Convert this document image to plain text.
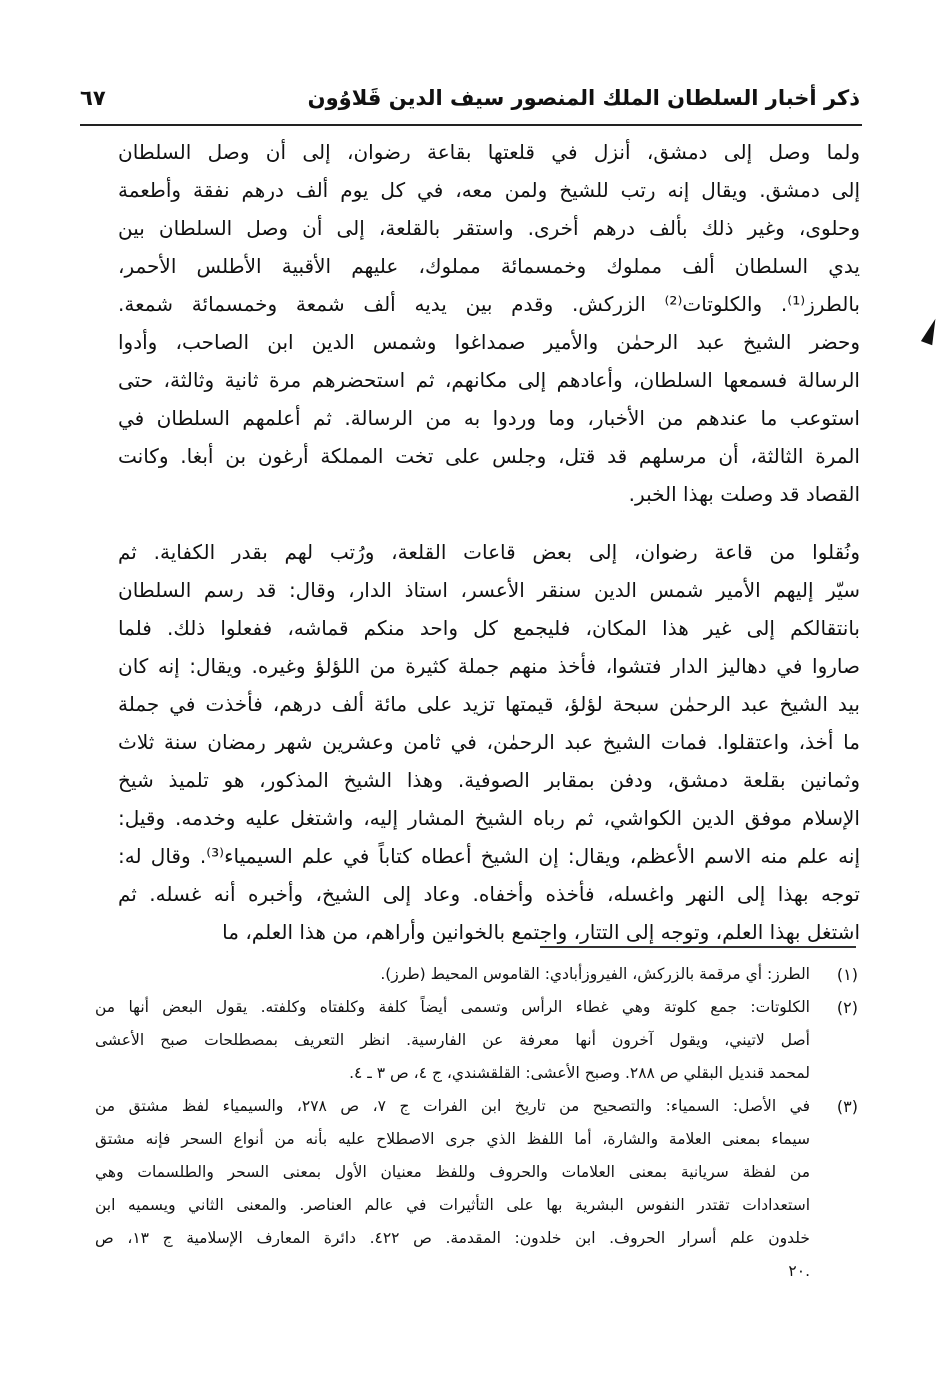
ذكر أخبار السلطان الملك المنصور سيف الدين قَلاوُون
٦٧
ولما وصل إلى دمشق، أنزل في قلعتها بقاعة رضوان، إلى أن وصل السلطان
إلى دمشق. ويقال إنه رتب للشيخ ولمن معه، في كل يوم ألف درهم نفقة وأطعمة
وحلوى، وغير ذلك بألف درهم أخرى. واستقر بالقلعة، إلى أن وصل السلطان بين
يدي السلطان ألف مملوك وخمسمائة مملوك، عليهم الأقبية الأطلس الأحمر،
بالطرز⁽¹⁾. والكلوتات⁽²⁾ الزركش. وقدم بين يديه ألف شمعة وخمسمائة شمعة.
وحضر الشيخ عبد الرحمٰن والأمير صمداغوا وشمس الدين ابن الصاحب، وأدوا
الرسالة فسمعها السلطان، وأعادهم إلى مكانهم، ثم استحضرهم مرة ثانية وثالثة، حتى
استوعب ما عندهم من الأخبار، وما وردوا به من الرسالة. ثم أعلمهم السلطان في
المرة الثالثة، أن مرسلهم قد قتل، وجلس على تخت المملكة أرغون بن أبغا. وكانت
القصاد قد وصلت بهذا الخبر.
ونُقلوا من قاعة رضوان، إلى بعض قاعات القلعة، ورُتب لهم بقدر الكفاية. ثم
سيّر إليهم الأمير شمس الدين سنقر الأعسر، استاذ الدار، وقال: قد رسم السلطان
بانتقالكم إلى غير هذا المكان، فليجمع كل واحد منكم قماشه، ففعلوا ذلك. فلما
صاروا في دهاليز الدار فتشوا، فأخذ منهم جملة كثيرة من اللؤلؤ وغيره. ويقال: إنه كان
بيد الشيخ عبد الرحمٰن سبحة لؤلؤ، قيمتها تزيد على مائة ألف درهم، فأخذت في جملة
ما أخذ، واعتقلوا. فمات الشيخ عبد الرحمٰن، في ثامن وعشرين شهر رمضان سنة ثلاث
وثمانين بقلعة دمشق، ودفن بمقابر الصوفية. وهذا الشيخ المذكور، هو تلميذ شيخ
الإسلام موفق الدين الكواشي، ثم رباه الشيخ المشار إليه، واشتغل عليه وخدمه. وقيل:
إنه علم منه الاسم الأعظم، ويقال: إن الشيخ أعطاه كتاباً في علم السيمياء⁽³⁾. وقال له:
توجه بهذا إلى النهر واغسله، فأخذه وأخفاه. وعاد إلى الشيخ، وأخبره أنه غسله. ثم
اشتغل بهذا العلم، وتوجه إلى التتار، واجتمع بالخوانين وأراهم، من هذا العلم، ما
(١)
الطرز: أي مرقمة بالزركش، الفيروزأبادي: القاموس المحيط (طرز).
(٢)
الكلوتات: جمع كلوتة وهي غطاء الرأس وتسمى أيضاً كلفة وكلفتاه وكلفته. يقول البعض أنها من
أصل لاتيني، ويقول آخرون أنها معرفة عن الفارسية. انظر التعريف بمصطلحات صبح الأعشى
لمحمد قنديل البقلي ص ٢٨٨. وصبح الأعشى: القلقشندي، ج ٤، ص ٣ ـ ٤.
(٣)
في الأصل: السمياء: والتصحيح من تاريخ ابن الفرات ج ٧، ص ٢٧٨، والسيمياء لفظ مشتق من
سيماء بمعنى العلامة والشارة، أما اللفظ الذي جرى الاصطلاح عليه بأنه من أنواع السحر فإنه مشتق
من لفظة سريانية بمعنى العلامات والحروف وللفظ معنيان الأول بمعنى السحر والطلسمات وهي
استعدادات تقتدر النفوس البشرية بها على التأثيرات في عالم العناصر. والمعنى الثاني ويسميه ابن
خلدون علم أسرار الحروف. ابن خلدون: المقدمة. ص ٤٢٢. دائرة المعارف الإسلامية ج ١٣، ص
.٢٠
